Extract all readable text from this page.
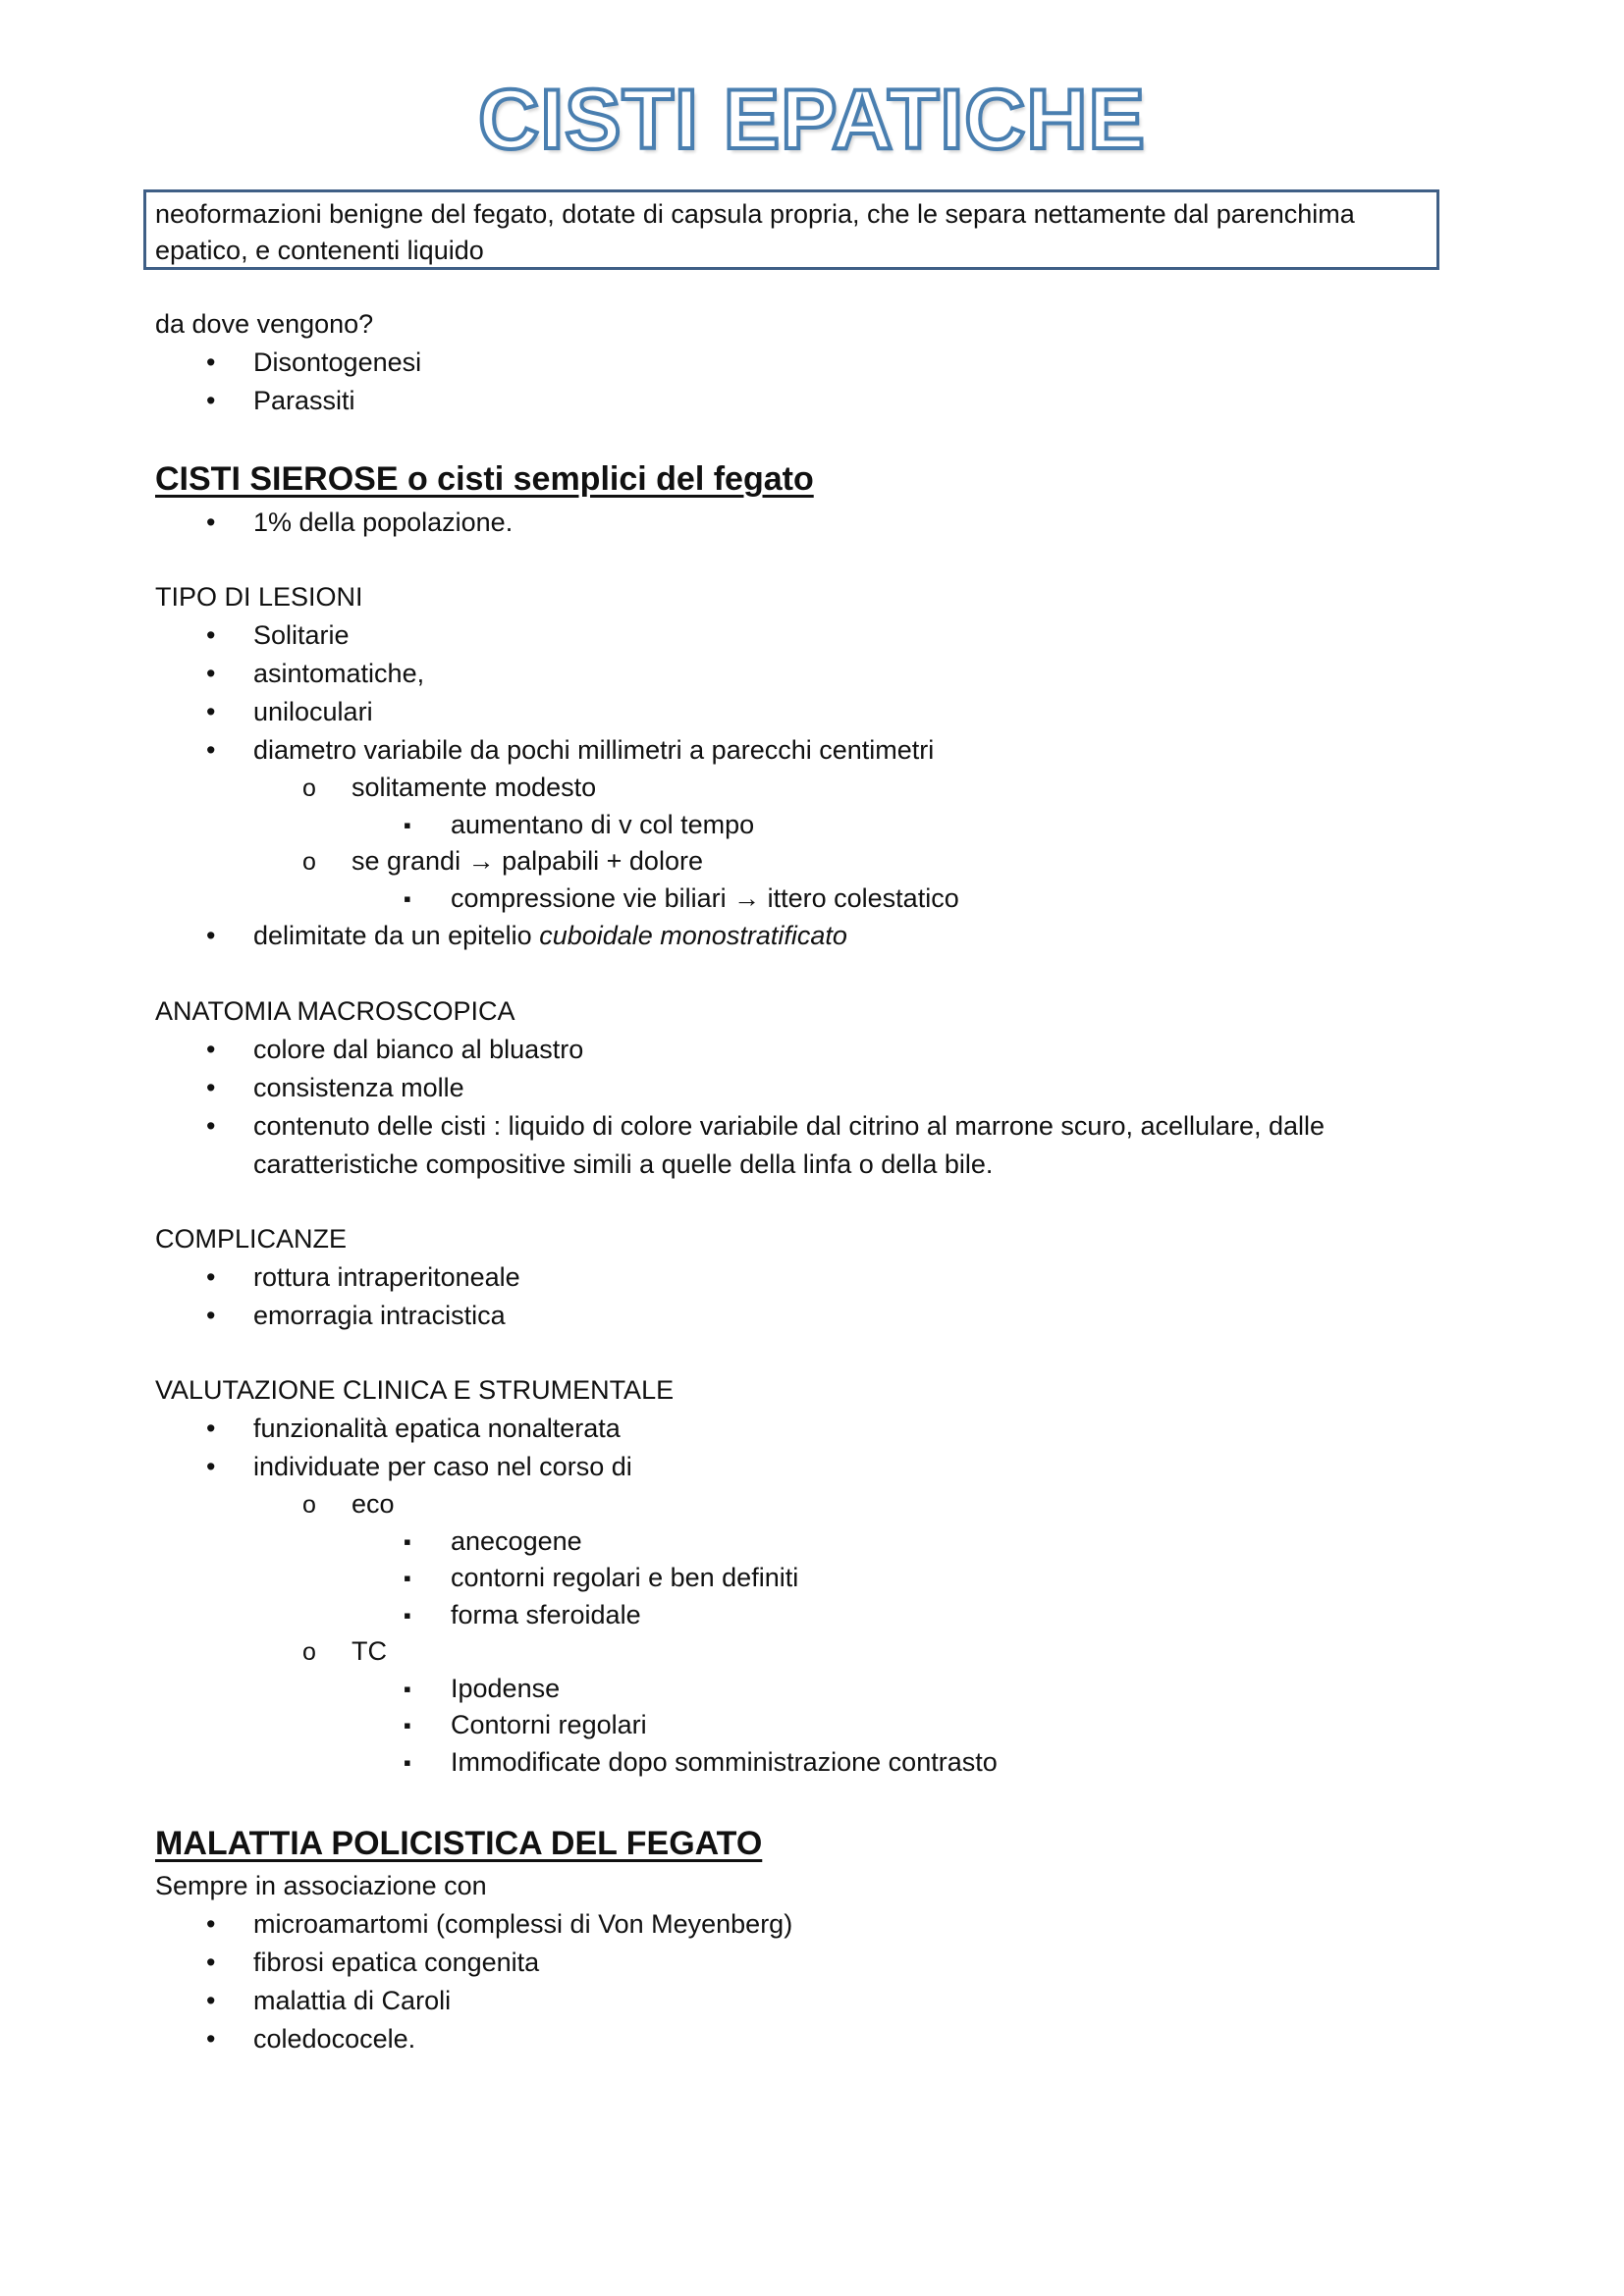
CISTI EPATICHE
neoformazioni benigne del fegato, dotate di capsula propria, che le separa nettamente dal parenchima epatico, e contenenti liquido
da dove vengono?
• Disontogenesi
• Parassiti
CISTI SIEROSE o cisti semplici del fegato
• 1% della popolazione.
TIPO DI LESIONI
• Solitarie
• asintomatiche,
• uniloculari
• diametro variabile da pochi millimetri a parecchi centimetri
o solitamente modesto
▪ aumentano di v col tempo
o se grandi → palpabili + dolore
▪ compressione vie biliari → ittero colestatico
• delimitate da un epitelio cuboidale monostratificato
ANATOMIA MACROSCOPICA
• colore dal bianco al bluastro
• consistenza molle
• contenuto delle cisti : liquido di colore variabile dal citrino al marrone scuro, acellulare, dalle
caratteristiche compositive simili a quelle della linfa o della bile.
COMPLICANZE
• rottura intraperitoneale
• emorragia intracistica
VALUTAZIONE CLINICA E STRUMENTALE
• funzionalità epatica nonalterata
• individuate per caso nel corso di
o eco
▪ anecogene
▪ contorni regolari e ben definiti
▪ forma sferoidale
o TC
▪ Ipodense
▪ Contorni regolari
▪ Immodificate dopo somministrazione contrasto
MALATTIA POLICISTICA DEL FEGATO
Sempre in associazione con
• microamartomi (complessi di Von Meyenberg)
• fibrosi epatica congenita
• malattia di Caroli
• coledococele.
